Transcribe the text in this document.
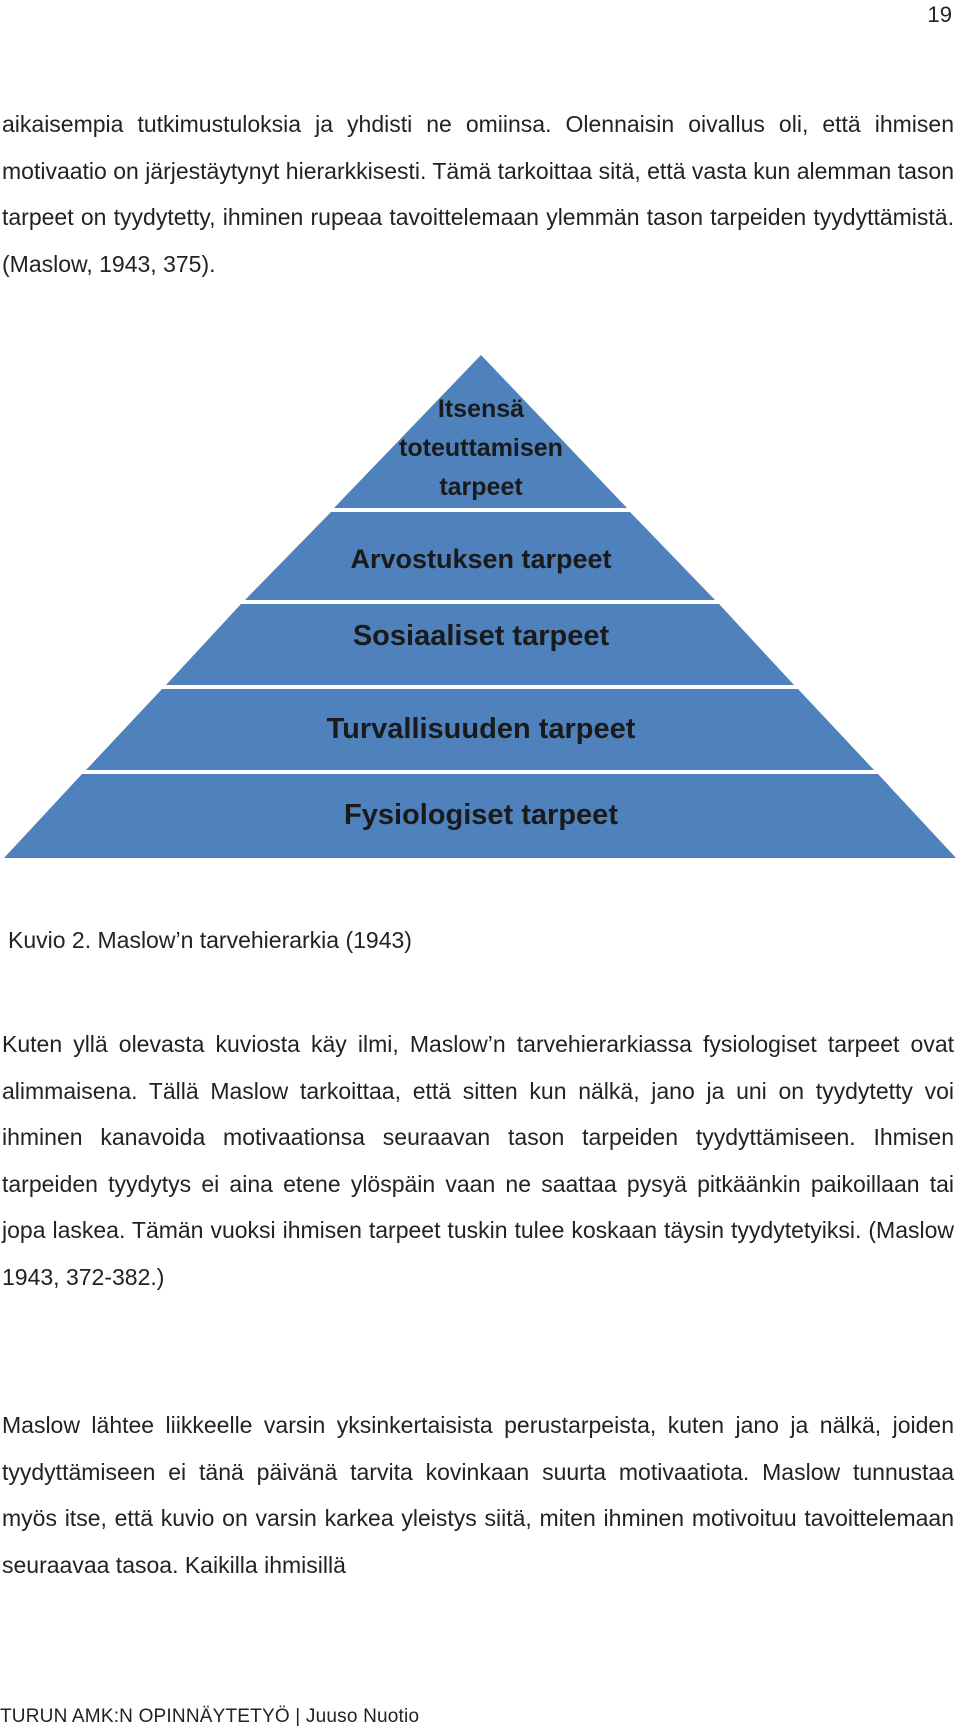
19

aikaisempia tutkimustuloksia ja yhdisti ne omiinsa. Olennaisin oivallus oli, että ihmisen motivaatio on järjestäytynyt hierarkkisesti. Tämä tarkoittaa sitä, että vasta kun alemman tason tarpeet on tyydytetty, ihminen rupeaa tavoittelemaan ylemmän tason tarpeiden tyydyttämistä. (Maslow, 1943, 375).

Itsensä
toteuttamisen
tarpeet
Arvostuksen tarpeet
Sosiaaliset tarpeet
Turvallisuuden tarpeet
Fysiologiset tarpeet
Kuvio 2. Maslow’n tarvehierarkia (1943)

Kuten yllä olevasta kuviosta käy ilmi, Maslow’n tarvehierarkiassa fysiologiset tarpeet ovat alimmaisena. Tällä Maslow tarkoittaa, että sitten kun nälkä, jano ja uni on tyydytetty voi ihminen kanavoida motivaationsa seuraavan tason tarpeiden tyydyttämiseen. Ihmisen tarpeiden tyydytys ei aina etene ylöspäin vaan ne saattaa pysyä pitkäänkin paikoillaan tai jopa laskea. Tämän vuoksi ihmisen tarpeet tuskin tulee koskaan täysin tyydytetyiksi. (Maslow 1943, 372-382.)

Maslow lähtee liikkeelle varsin yksinkertaisista perustarpeista, kuten jano ja nälkä, joiden tyydyttämiseen ei tänä päivänä tarvita kovinkaan suurta motivaatiota. Maslow tunnustaa myös itse, että kuvio on varsin karkea yleistys siitä, miten ihminen motivoituu tavoittelemaan seuraavaa tasoa. Kaikilla ihmisillä

TURUN AMK:N OPINNÄYTETYÖ | Juuso Nuotio
